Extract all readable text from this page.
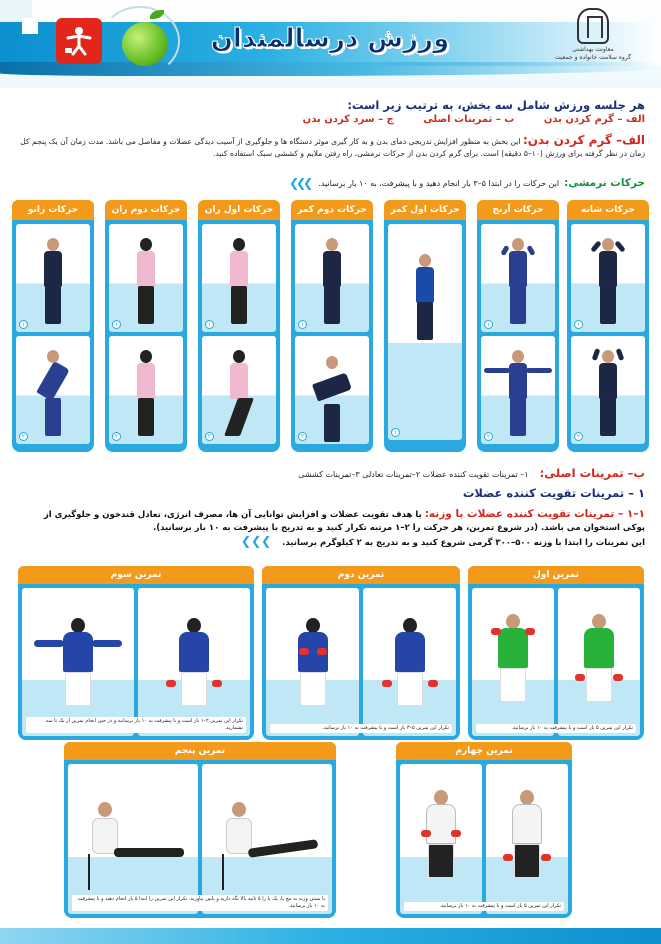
ورزش درسالمندان	معاونت بهداشتی
گروه سلامت خانواده و جمعیت
هر جلسه ورزش شامل سه بخش، به ترتیب زیر است:
الف – گرم کردن بدن ب – تمرینات اصلی ج – سرد کردن بدن
الف– گرم کردن بدن: این بخش به منظور افزایش تدریجی دمای بدن و به کار گیری موثر دستگاه ها و جلوگیری از آسیب دیدگی عضلات و مفاصل می باشد. مدت زمان آن یک پنجم کل زمان در نظر گرفته برای ورزش (۱۰–۵ دقیقه) است. برای گرم کردن بدن از حرکات نرمشی، راه رفتن ملایم و کششی سبک استفاده کنید.
حرکات نرمشی:
این حرکات را در ابتدا ۵–۳ بار انجام دهید و با پیشرفت، به ۱۰ بار برسانید.
❯❯❯
حرکات زانو
۱
۲
حرکات دوم ران
۱
۲
حرکات اول ران
۱
۲
حرکات دوم کمر
۱
۲
حرکات اول کمر
۱
حرکات آرنج
۱
۲
حرکات شانه
۱
۲
ب– تمرینات اصلی: ۱– تمرینات تقویت کننده عضلات ۲–تمرینات تعادلی ۳–تمرینات کششی
۱ – تمرینات تقویت کننده عضلات
۱–۱ – تمرینات تقویت کننده عضلات با وزنه: با هدف تقویت عضلات و افزایش توانایی آن ها، مصرف انرژی، تعادل قندخون و جلوگیری از
پوکی استخوان می باشد. (در شروع تمرین، هر حرکت را ۲–۱ مرتبه تکرار کنید و به تدریج با پیشرفت به ۱۰ بار برسانید).
این تمرینات را ابتدا با وزنه ۵۰۰–۳۰۰ گرمی شروع کنید و به تدریج به ۲ کیلوگرم برسانید. ❯❯❯
تمرین سوم
تکرار این تمرین ۲–۱ بار است و با پیشرفت به ۱۰ بار برسانید و در حین انجام تمرین از یک تا سه بشمارید.
تمرین دوم
تکرار این تمرین ۵–۳ بار است و با پیشرفت به ۱۰ بار برسانید.
تمرین اول
تکرار این تمرین ۵ بار است و با پیشرفت به ۱۰ بار برسانید.
تمرین پنجم
با بستن وزنه به مچ پا، یک پا را ۵ ثانیه بالا نگه دارید و پایین بیاورید. تکرار این تمرین را ابتدا ۵ بار انجام دهید و با پیشرفت به ۱۰ بار برسانید.
تمرین چهارم
تکرار این تمرین ۵ بار است و با پیشرفت به ۱۰ بار برسانید.
